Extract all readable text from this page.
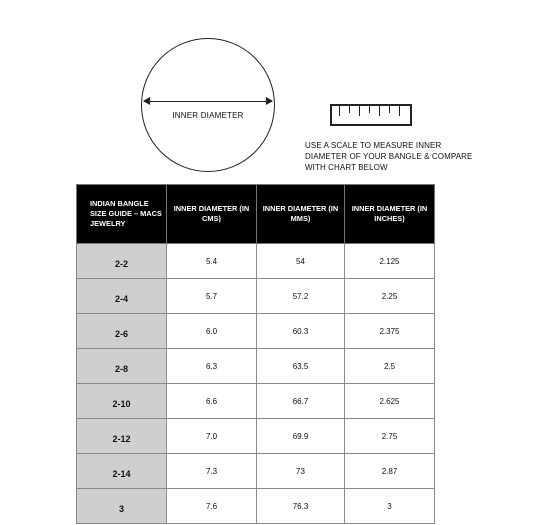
INNER DIAMETER
USE A SCALE TO MEASURE INNER DIAMETER OF YOUR BANGLE & COMPARE WITH CHART BELOW
INDIAN BANGLE SIZE GUIDE – MACS JEWELRY	INNER DIAMETER (IN CMS)	INNER DIAMETER (IN MMS)	INNER DIAMETER (IN INCHES)
2-2	5.4	54	2.125
2-4	5.7	57.2	2.25
2-6	6.0	60.3	2.375
2-8	6.3	63.5	2.5
2-10	6.6	66.7	2.625
2-12	7.0	69.9	2.75
2-14	7.3	73	2.87
3	7.6	76.3	3
